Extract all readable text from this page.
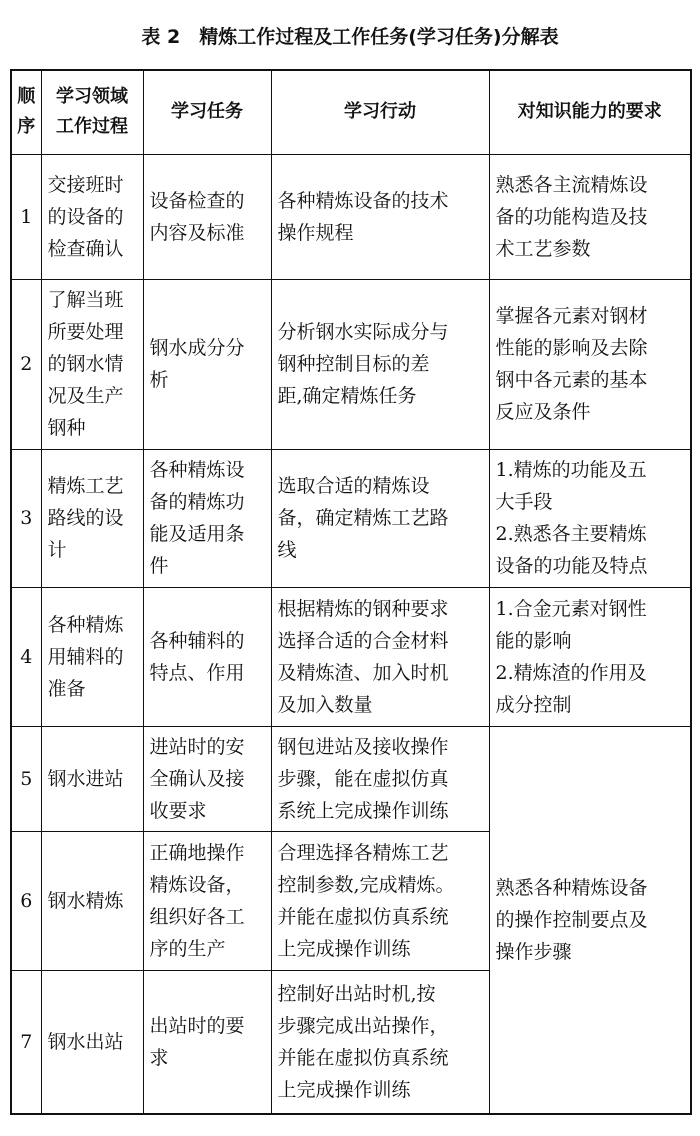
表 2　精炼工作过程及工作任务(学习任务)分解表
顺
序	学习领域
工作过程	学习任务	学习行动	对知识能力的要求
1	交接班时
的设备的
检查确认	设备检查的
内容及标准	各种精炼设备的技术
操作规程	熟悉各主流精炼设
备的功能构造及技
术工艺参数

2	了解当班
所要处理
的钢水情
况及生产
钢种	钢水成分分
析	分析钢水实际成分与
钢种控制目标的差
距,确定精炼任务	掌握各元素对钢材
性能的影响及去除
钢中各元素的基本
反应及条件

3	精炼工艺
路线的设
计	各种精炼设
备的精炼功
能及适用条
件	选取合适的精炼设
备，确定精炼工艺路
线	1.精炼的功能及五
大手段
2.熟悉各主要精炼
设备的功能及特点

4	各种精炼
用辅料的
准备	各种辅料的
特点、作用	根据精炼的钢种要求
选择合适的合金材料
及精炼渣、加入时机
及加入数量	1.合金元素对钢性
能的影响
2.精炼渣的作用及
成分控制

5	钢水进站	进站时的安
全确认及接
收要求	钢包进站及接收操作
步骤，能在虚拟仿真
系统上完成操作训练	熟悉各种精炼设备
的操作控制要点及
操作步骤

6	钢水精炼	正确地操作
精炼设备，
组织好各工
序的生产	合理选择各精炼工艺
控制参数,完成精炼。
并能在虚拟仿真系统
上完成操作训练	

7	钢水出站	出站时的要
求	控制好出站时机,按
步骤完成出站操作，
并能在虚拟仿真系统
上完成操作训练	
